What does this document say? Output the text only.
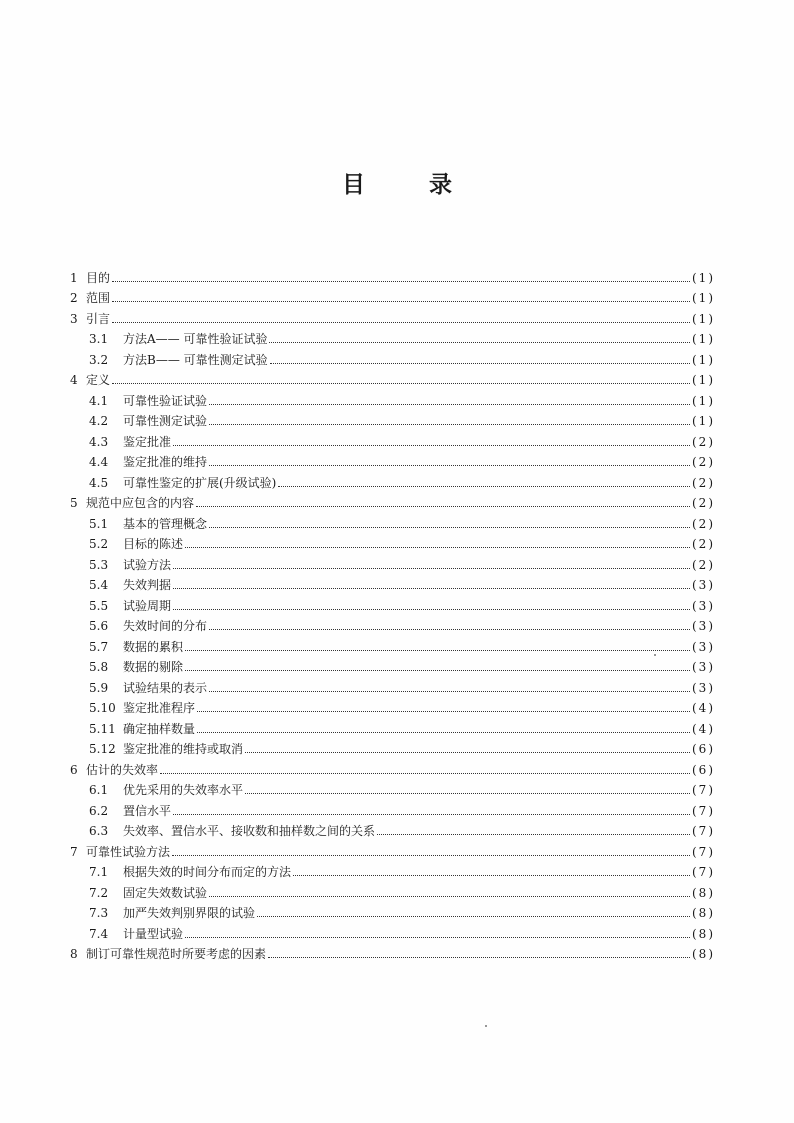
目	录
1 目的	(1)
2 范围	(1)
3 引言	(1)
3.1	方法A—— 可靠性验证试验	(1)
3.2	方法B—— 可靠性测定试验	(1)
4 定义	(1)
4.1	可靠性验证试验	(1)
4.2	可靠性测定试验	(1)
4.3	鉴定批准	(2)
4.4	鉴定批准的维持	(2)
4.5	可靠性鉴定的扩展(升级试验)	(2)
5 规范中应包含的内容	(2)
5.1	基本的管理概念	(2)
5.2	目标的陈述	(2)
5.3	试验方法	(2)
5.4	失效判据	(3)
5.5	试验周期	(3)
5.6	失效时间的分布	(3)
5.7	数据的累积	(3)
5.8	数据的剔除	(3)
5.9	试验结果的表示	(3)
5.10 鉴定批准程序	(4)
5.11 确定抽样数量	(4)
5.12 鉴定批准的维持或取消	(6)
6 估计的失效率	(6)
6.1	优先采用的失效率水平	(7)
6.2	置信水平	(7)
6.3	失效率、置信水平、接收数和抽样数之间的关系	(7)
7 可靠性试验方法	(7)
7.1	根据失效的时间分布而定的方法	(7)
7.2	固定失效数试验	(8)
7.3	加严失效判别界限的试验	(8)
7.4	计量型试验	(8)
8 制订可靠性规范时所要考虑的因素	(8)
